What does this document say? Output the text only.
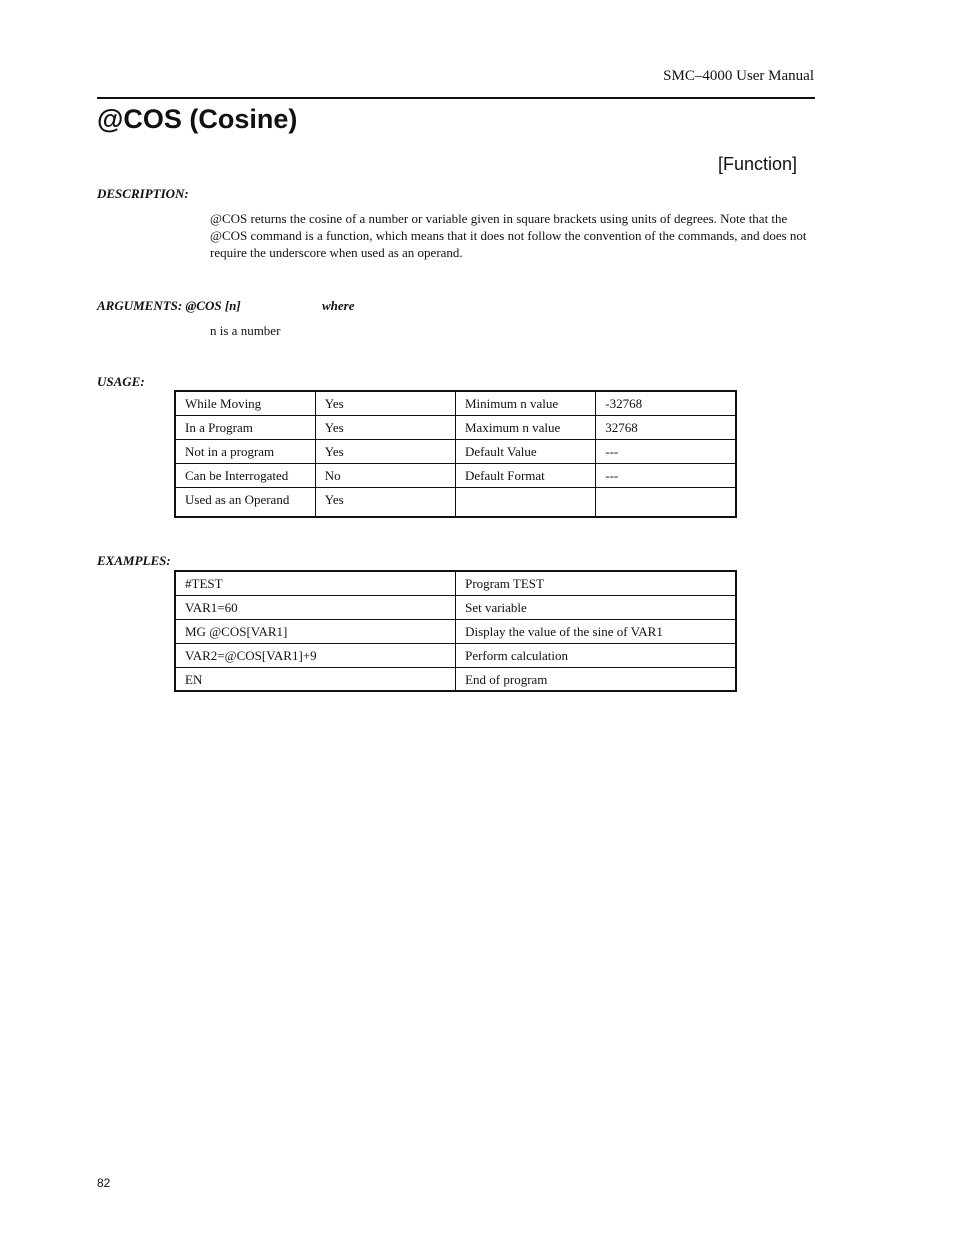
SMC–4000 User Manual
@COS (Cosine)
[Function]
DESCRIPTION:

@COS returns the cosine of a number or variable given in square brackets using units of degrees. Note that the @COS command is a function, which means that it does not follow the convention of the commands, and does not require the underscore when used as an operand.

ARGUMENTS: @COS [n]	where
n is a number
USAGE:
While Moving	Yes	Minimum n value	-32768
In a Program	Yes	Maximum n value	32768
Not in a program	Yes	Default Value	---
Can be Interrogated	No	Default Format	---
Used as an Operand	Yes		
EXAMPLES:
#TEST	Program TEST
VAR1=60	Set variable
MG @COS[VAR1]	Display the value of the sine of VAR1
VAR2=@COS[VAR1]+9	Perform calculation
EN	End of program
82
